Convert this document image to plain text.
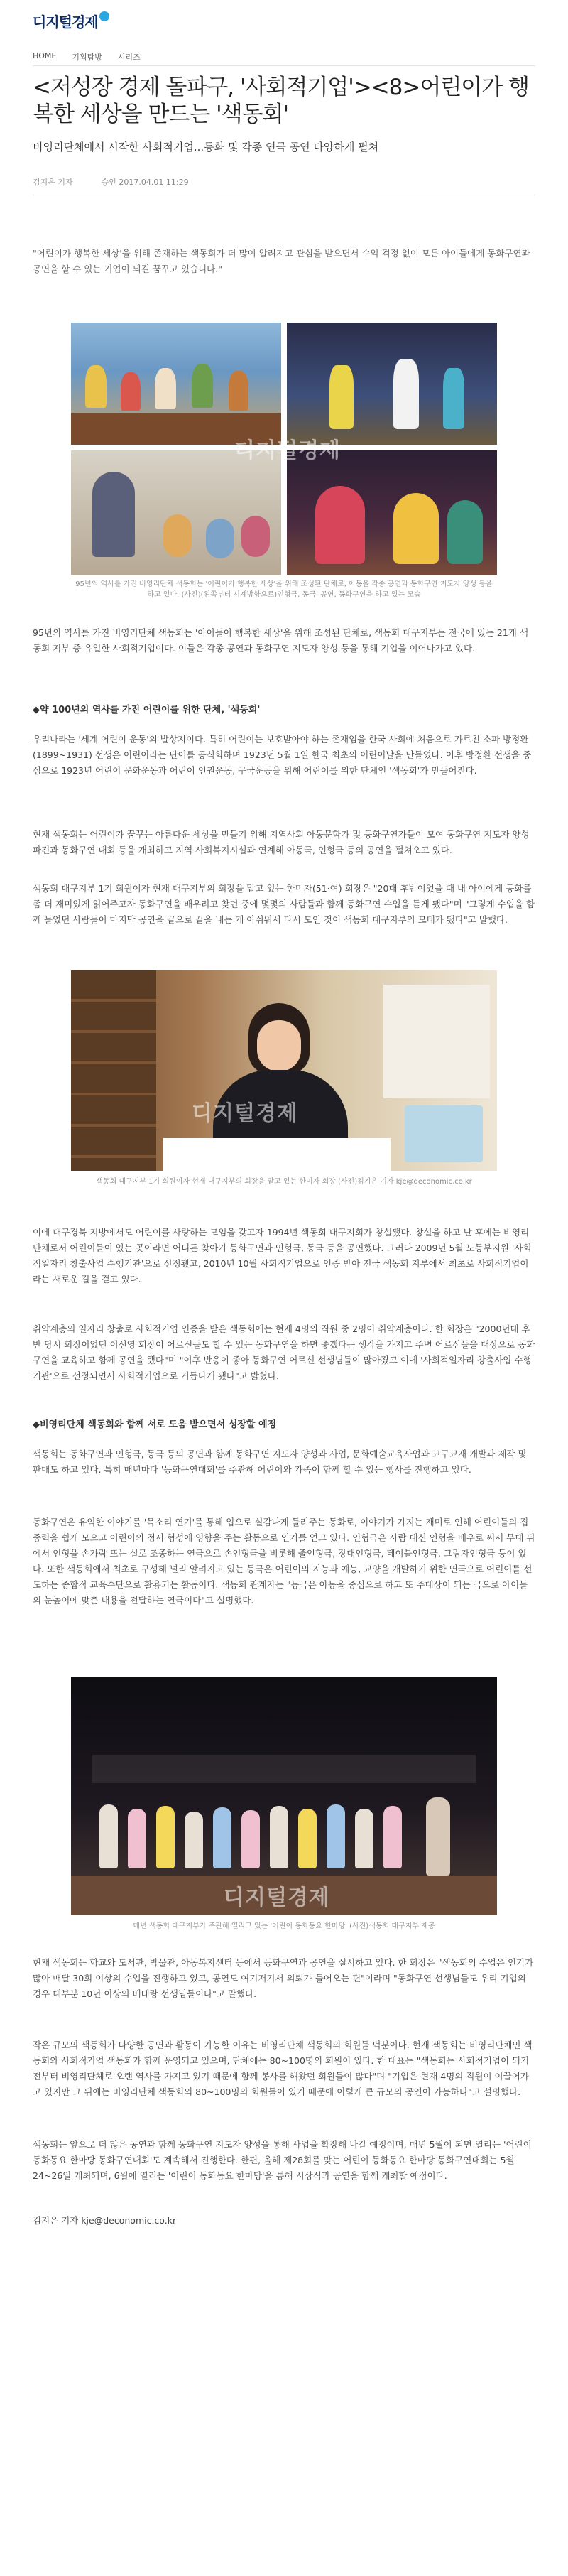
디지털경제
HOME 기획탐방 시리즈
<저성장 경제 돌파구, '사회적기업'><8>어린이가 행복한 세상을 만드는 '색동회'

비영리단체에서 시작한 사회적기업...동화 및 각종 연극 공연 다양하게 펼쳐

김지은 기자	승인 2017.04.01 11:29

"어린이가 행복한 세상'을 위해 존재하는 색동회가 더 많이 알려지고 관심을 받으면서 수익 걱정 없이 모든 아이들에게 동화구연과 공연을 할 수 있는 기업이 되길 꿈꾸고 있습니다."

디지털경제

95년의 역사를 가진 비영리단체 색동회는 '어린이가 행복한 세상'을 위해 조성된 단체로, 아동을 각종 공연과 동화구연 지도자 양성 등을 하고 있다. (사진)(왼쪽부터 시계방향으로)인형극, 동극, 공연, 동화구연을 하고 있는 모습

95년의 역사를 가진 비영리단체 색동회는 '아이들이 행복한 세상'을 위해 조성된 단체로, 색동회 대구지부는 전국에 있는 21개 색동회 지부 중 유일한 사회적기업이다. 이들은 각종 공연과 동화구연 지도자 양성 등을 통해 기업을 이어나가고 있다.

◆약 100년의 역사를 가진 어린이를 위한 단체, '색동회'

우리나라는 '세계 어린이 운동'의 발상지이다. 특히 어린이는 보호받아야 하는 존재임을 한국 사회에 처음으로 가르친 소파 방정환(1899~1931) 선생은 어린이라는 단어를 공식화하며 1923년 5월 1일 한국 최초의 어린이날을 만들었다. 이후 방정환 선생을 중심으로 1923년 어린이 문화운동과 어린이 인권운동, 구국운동을 위해 어린이를 위한 단체인 '색동회'가 만들어진다.

현재 색동회는 어린이가 꿈꾸는 아름다운 세상을 만들기 위해 지역사회 아동문학가 및 동화구연가들이 모여 동화구연 지도자 양성 파견과 동화구연 대회 등을 개최하고 지역 사회복지시설과 연계해 아동극, 인형극 등의 공연을 펼쳐오고 있다.

색동회 대구지부 1기 회원이자 현재 대구지부의 회장을 맡고 있는 한미자(51·여) 회장은 "20대 후반이었을 때 내 아이에게 동화를 좀 더 재미있게 읽어주고자 동화구연을 배우려고 찾던 중에 몇몇의 사람들과 함께 동화구연 수업을 듣게 됐다"며 "그렇게 수업을 함께 들었던 사람들이 마지막 공연을 끝으로 끝을 내는 게 아쉬워서 다시 모인 것이 색동회 대구지부의 모태가 됐다"고 말했다.

디지털경제

색동회 대구지부 1기 회원이자 현재 대구지부의 회장을 맡고 있는 한미자 회장 (사진)김지은 기자 kje@deconomic.co.kr

이에 대구경북 지방에서도 어린이를 사랑하는 모임을 갖고자 1994년 색동회 대구지회가 창설됐다. 창설을 하고 난 후에는 비영리단체로서 어린이들이 있는 곳이라면 어디든 찾아가 동화구연과 인형극, 동극 등을 공연했다. 그러다 2009년 5월 노동부지원 '사회적일자리 창출사업 수행기관'으로 선정됐고, 2010년 10월 사회적기업으로 인증 받아 전국 색동회 지부에서 최초로 사회적기업이라는 새로운 길을 걷고 있다.

취약계층의 일자리 창출로 사회적기업 인증을 받은 색동회에는 현재 4명의 직원 중 2명이 취약계층이다. 한 회장은 "2000년대 후반 당시 회장이었던 이선영 회장이 어르신들도 할 수 있는 동화구연을 하면 좋겠다는 생각을 가지고 주변 어르신들을 대상으로 동화구연을 교육하고 함께 공연을 했다"며 "이후 반응이 좋아 동화구연 어르신 선생님들이 많아졌고 이에 '사회적일자리 창출사업 수행기관'으로 선정되면서 사회적기업으로 거듭나게 됐다"고 밝혔다.

◆비영리단체 색동회와 함께 서로 도움 받으면서 성장할 예정

색동회는 동화구연과 인형극, 동극 등의 공연과 함께 동화구연 지도자 양성과 사업, 문화예술교육사업과 교구교재 개발과 제작 및 판매도 하고 있다. 특히 매년마다 '동화구연대회'를 주관해 어린이와 가족이 함께 할 수 있는 행사를 진행하고 있다.

동화구연은 유익한 이야기를 '목소리 연기'를 통해 입으로 실감나게 들려주는 동화로, 이야기가 가지는 재미로 인해 어린이들의 집중력을 쉽게 모으고 어린이의 정서 형성에 영향을 주는 활동으로 인기를 얻고 있다. 인형극은 사람 대신 인형을 배우로 써서 무대 뒤에서 인형을 손가락 또는 실로 조종하는 연극으로 손인형극을 비롯해 줄인형극, 장대인형극, 테이블인형극, 그림자인형극 등이 있다. 또한 색동회에서 최초로 구성해 널리 알려지고 있는 동극은 어린이의 지능과 예능, 교양을 개발하기 위한 연극으로 어린이를 선도하는 종합적 교육수단으로 활용되는 활동이다. 색동회 관계자는 "동극은 아동을 중심으로 하고 또 주대상이 되는 극으로 아이들의 눈높이에 맞춘 내용을 전달하는 연극이다"고 설명했다.

디지털경제

매년 색동회 대구지부가 주관해 열리고 있는 '어린이 동화동요 한마당' (사진)색동회 대구지부 제공

현재 색동회는 학교와 도서관, 박물관, 아동복지센터 등에서 동화구연과 공연을 실시하고 있다. 한 회장은 "색동회의 수업은 인기가 많아 매달 30회 이상의 수업을 진행하고 있고, 공연도 여기저기서 의뢰가 들어오는 편"이라며 "동화구연 선생님들도 우리 기업의 경우 대부분 10년 이상의 베테랑 선생님들이다"고 말했다.

작은 규모의 색동회가 다양한 공연과 활동이 가능한 이유는 비영리단체 색동회의 회원들 덕분이다. 현재 색동회는 비영리단체인 색동회와 사회적기업 색동회가 함께 운영되고 있으며, 단체에는 80~100명의 회원이 있다. 한 대표는 "색동회는 사회적기업이 되기 전부터 비영리단체로 오랜 역사를 가지고 있기 때문에 함께 봉사를 해왔던 회원들이 많다"며 "기업은 현재 4명의 직원이 이끌어가고 있지만 그 뒤에는 비영리단체 색동회의 80~100명의 회원들이 있기 때문에 이렇게 큰 규모의 공연이 가능하다"고 설명했다.

색동회는 앞으로 더 많은 공연과 함께 동화구연 지도자 양성을 통해 사업을 확장해 나갈 예정이며, 매년 5월이 되면 열리는 '어린이 동화동요 한마당 동화구연대회'도 계속해서 진행한다. 한편, 올해 제28회를 맞는 어린이 동화동요 한마당 동화구연대회는 5월 24~26일 개최되며, 6월에 열리는 '어린이 동화동요 한마당'을 통해 시상식과 공연을 함께 개최할 예정이다.

김지은 기자 kje@deconomic.co.kr
